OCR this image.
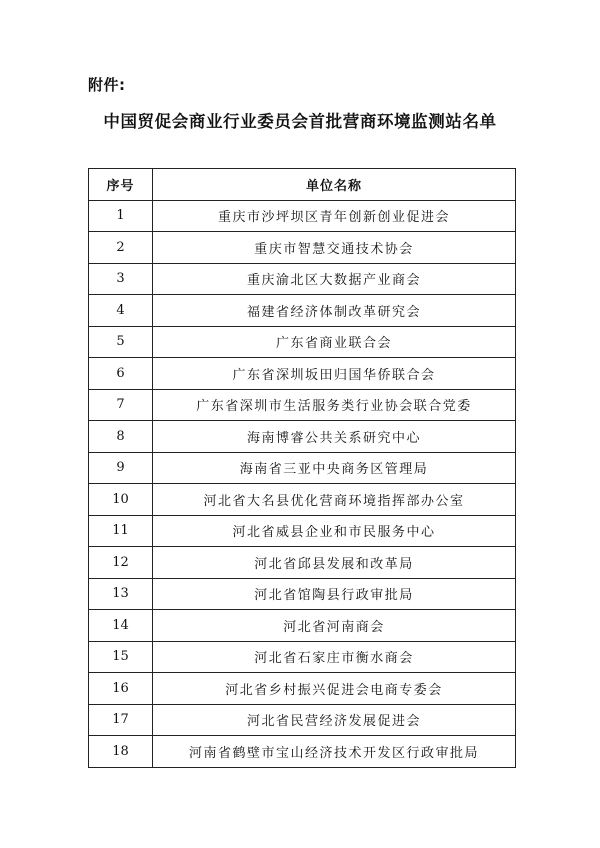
附件:
中国贸促会商业行业委员会首批营商环境监测站名单
序号	单位名称
1	重庆市沙坪坝区青年创新创业促进会
2	重庆市智慧交通技术协会
3	重庆渝北区大数据产业商会
4	福建省经济体制改革研究会
5	广东省商业联合会
6	广东省深圳坂田归国华侨联合会
7	广东省深圳市生活服务类行业协会联合党委
8	海南博睿公共关系研究中心
9	海南省三亚中央商务区管理局
10	河北省大名县优化营商环境指挥部办公室
11	河北省威县企业和市民服务中心
12	河北省邱县发展和改革局
13	河北省馆陶县行政审批局
14	河北省河南商会
15	河北省石家庄市衡水商会
16	河北省乡村振兴促进会电商专委会
17	河北省民营经济发展促进会
18	河南省鹤壁市宝山经济技术开发区行政审批局
